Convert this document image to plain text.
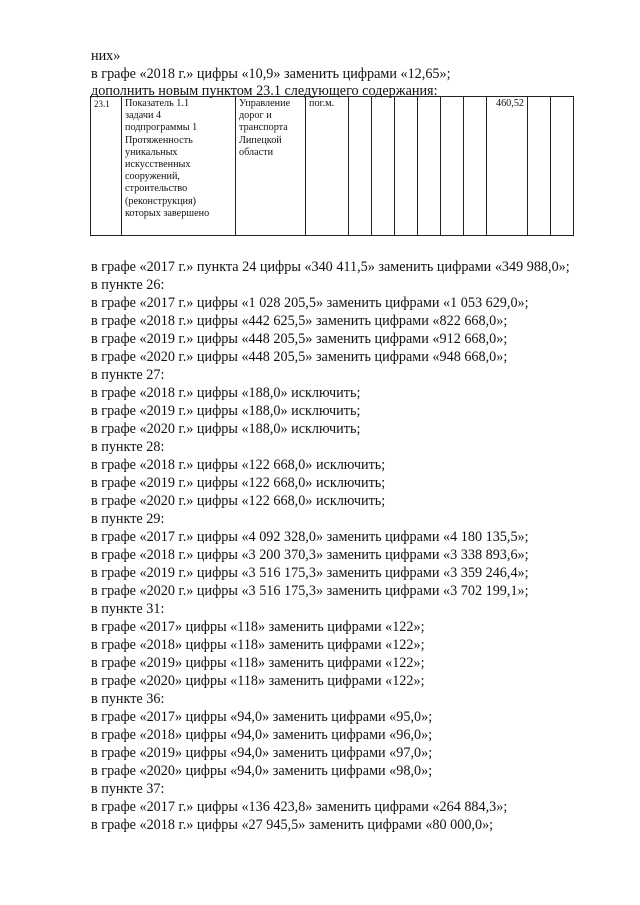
них»
в графе «2018 г.» цифры «10,9» заменить цифрами «12,65»;
дополнить новым пунктом 23.1 следующего содержания:
23.1	Показатель 1.1
задачи 4
подпрограммы 1
Протяженность
уникальных
искусственных
сооружений,
строительство
(реконструкция)
которых завершено

Управление
дорог и
транспорта
Липецкой
области
	пог.м.							460,52		
в графе «2017 г.» пункта 24 цифры «340 411,5» заменить цифрами «349 988,0»;
в пункте 26:
в графе «2017 г.» цифры «1 028 205,5» заменить цифрами «1 053 629,0»;
в графе «2018 г.» цифры «442 625,5» заменить цифрами «822 668,0»;
в графе «2019 г.» цифры «448 205,5» заменить цифрами «912 668,0»;
в графе «2020 г.» цифры «448 205,5» заменить цифрами «948 668,0»;
в пункте 27:
в графе «2018 г.» цифры «188,0» исключить;
в графе «2019 г.» цифры «188,0» исключить;
в графе «2020 г.» цифры «188,0» исключить;
в пункте 28:
в графе «2018 г.» цифры «122 668,0» исключить;
в графе «2019 г.» цифры «122 668,0» исключить;
в графе «2020 г.» цифры «122 668,0» исключить;
в пункте 29:
в графе «2017 г.» цифры «4 092 328,0» заменить цифрами «4 180 135,5»;
в графе «2018 г.» цифры «3 200 370,3» заменить цифрами «3 338 893,6»;
в графе «2019 г.» цифры «3 516 175,3» заменить цифрами «3 359 246,4»;
в графе «2020 г.» цифры «3 516 175,3» заменить цифрами «3 702 199,1»;
в пункте 31:
в графе «2017» цифры «118» заменить цифрами «122»;
в графе «2018» цифры «118» заменить цифрами «122»;
в графе «2019» цифры «118» заменить цифрами «122»;
в графе «2020» цифры «118» заменить цифрами «122»;
в пункте 36:
в графе «2017» цифры «94,0» заменить цифрами «95,0»;
в графе «2018» цифры «94,0» заменить цифрами «96,0»;
в графе «2019» цифры «94,0» заменить цифрами «97,0»;
в графе «2020» цифры «94,0» заменить цифрами «98,0»;
в пункте 37:
в графе «2017 г.» цифры «136 423,8» заменить цифрами «264 884,3»;
в графе «2018 г.» цифры «27 945,5» заменить цифрами «80 000,0»;
